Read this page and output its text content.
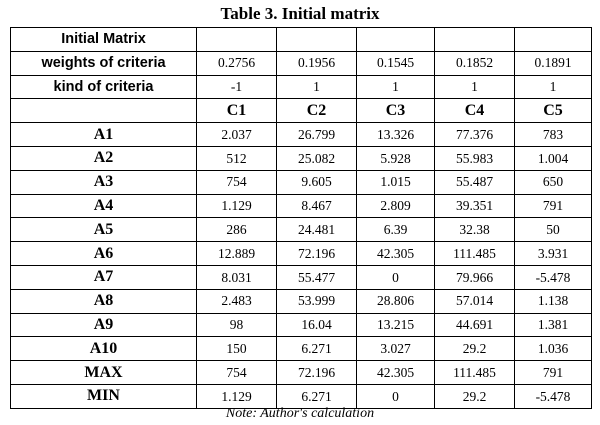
Table 3. Initial matrix
Initial Matrix					
weights of criteria	0.2756	0.1956	0.1545	0.1852	0.1891
kind of criteria	-1	1	1	1	1
	C1	C2	C3	C4	C5
A1	2.037	26.799	13.326	77.376	783
A2	512	25.082	5.928	55.983	1.004
A3	754	9.605	1.015	55.487	650
A4	1.129	8.467	2.809	39.351	791
A5	286	24.481	6.39	32.38	50
A6	12.889	72.196	42.305	111.485	3.931
A7	8.031	55.477	0	79.966	-5.478
A8	2.483	53.999	28.806	57.014	1.138
A9	98	16.04	13.215	44.691	1.381
A10	150	6.271	3.027	29.2	1.036
MAX	754	72.196	42.305	111.485	791
MIN	1.129	6.271	0	29.2	-5.478
Note: Author's calculation
